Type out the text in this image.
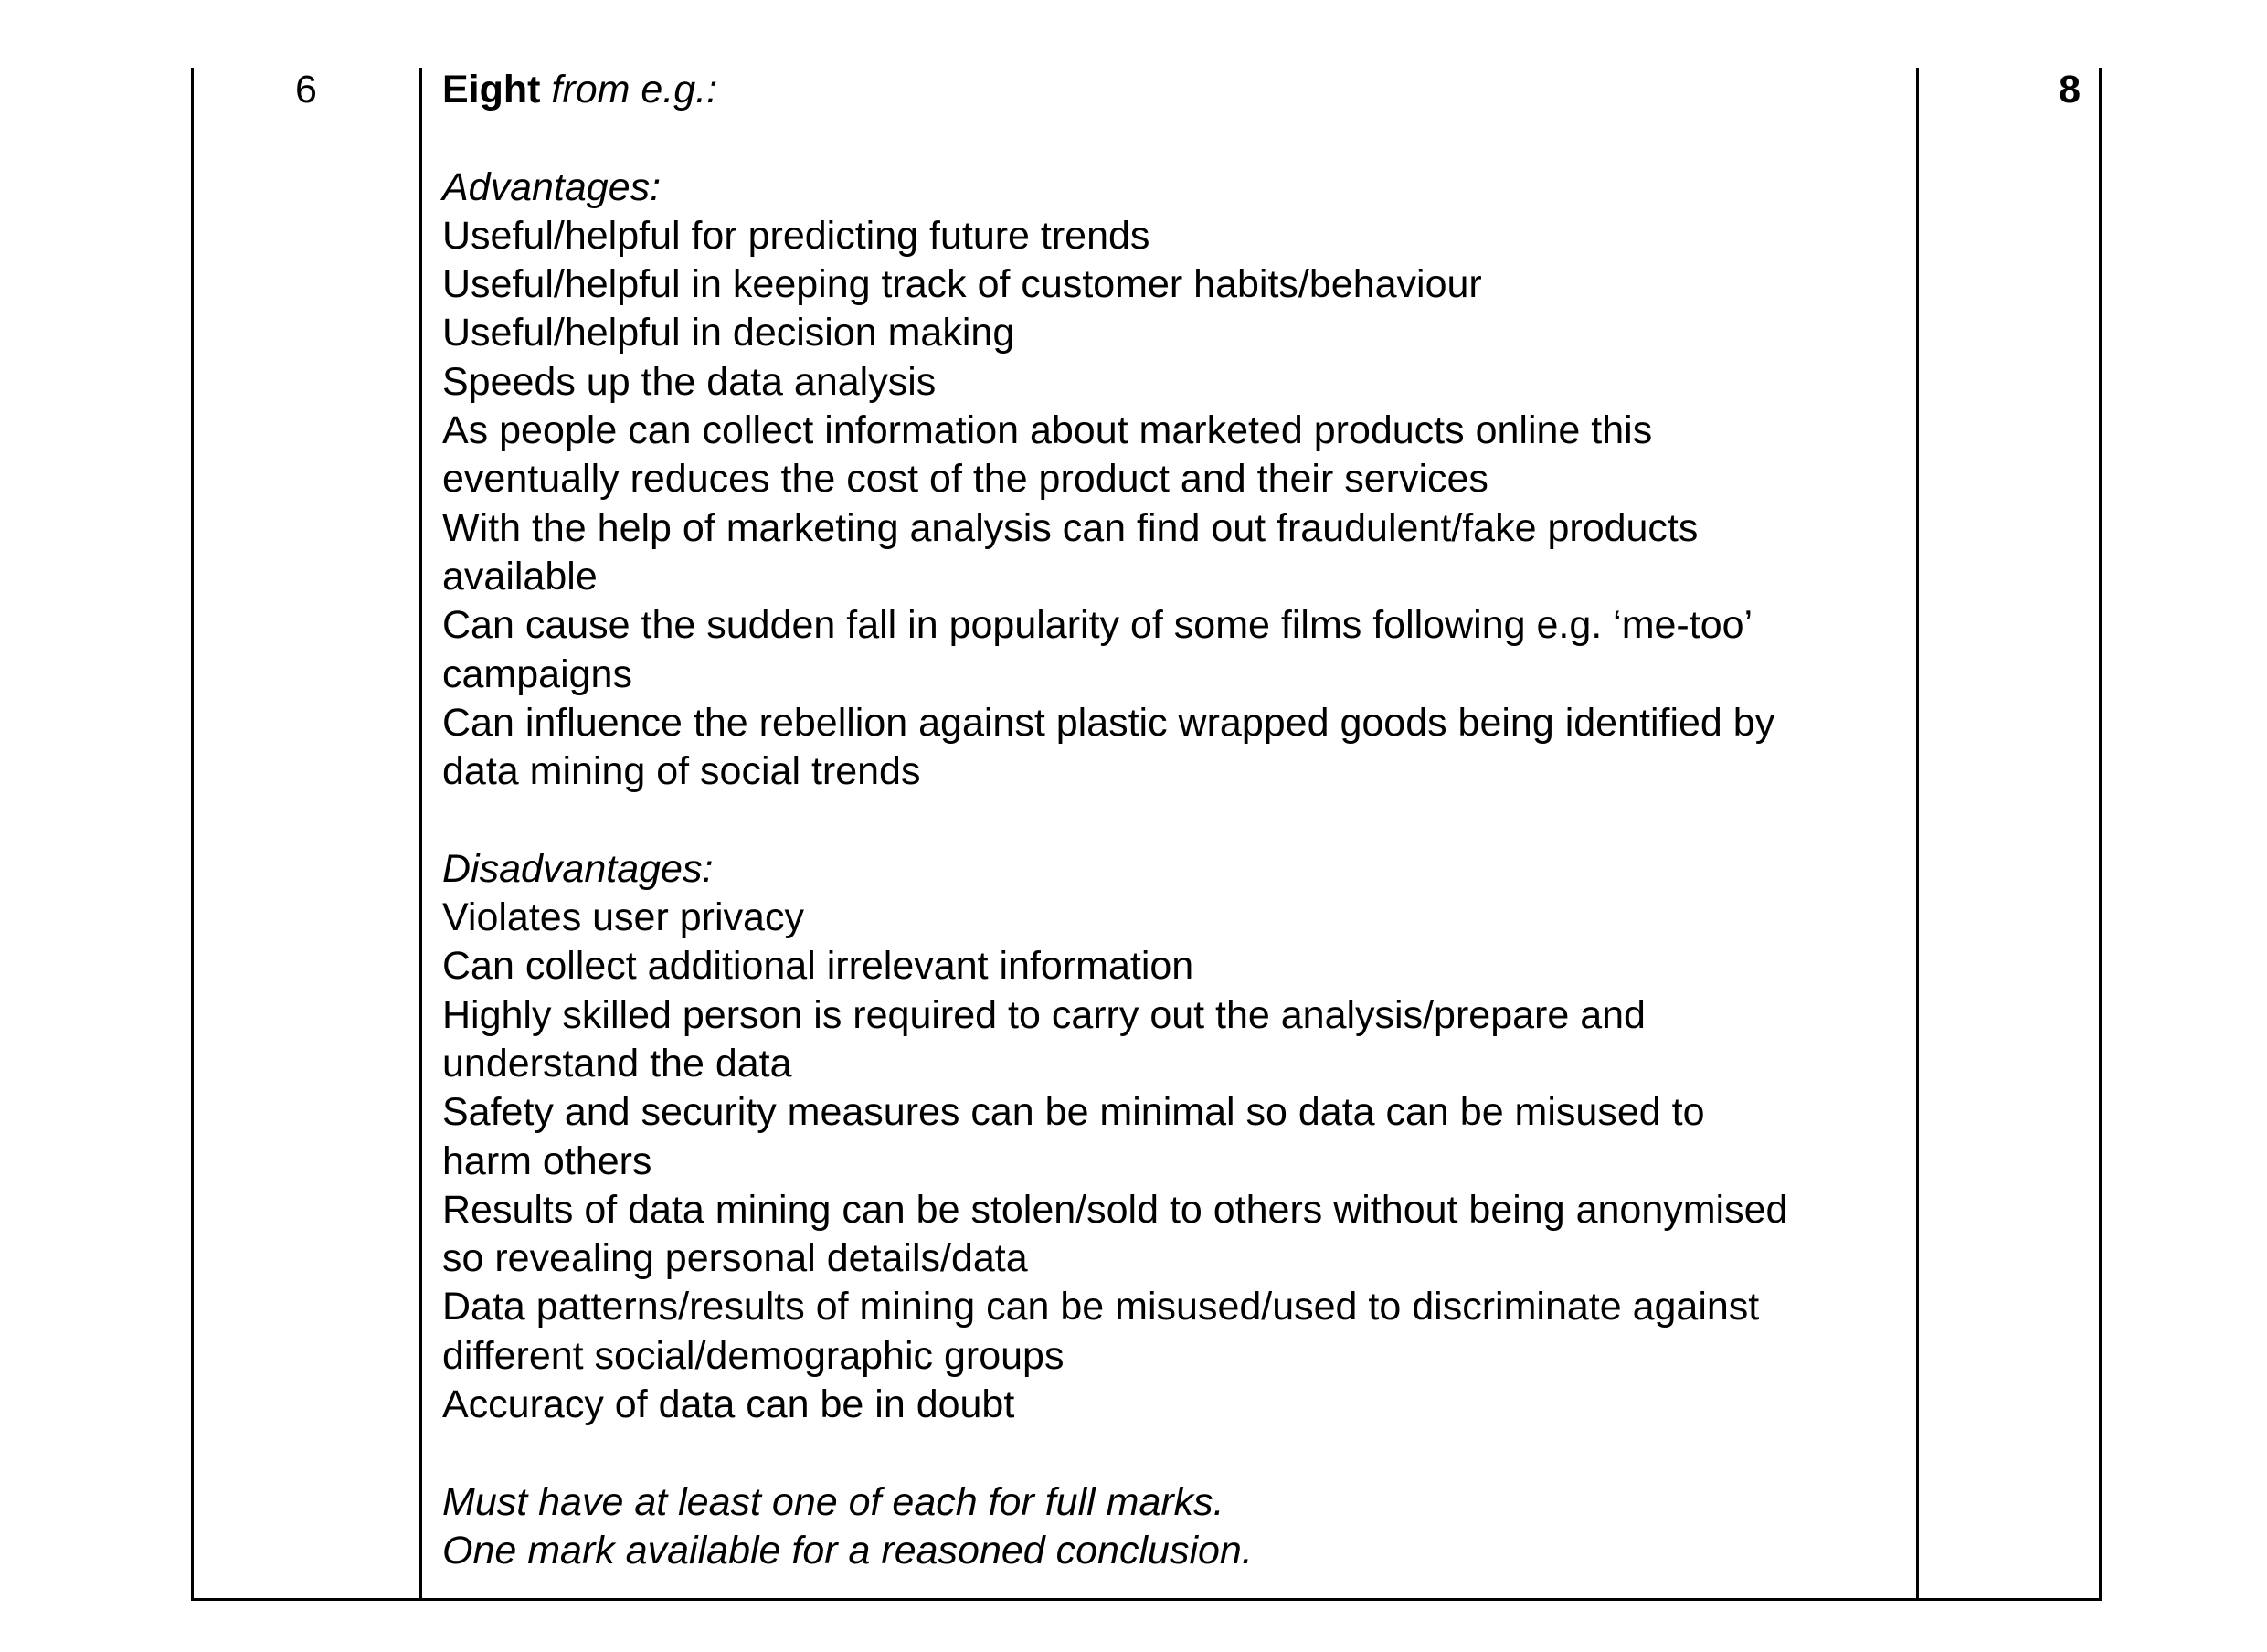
6	Eight from e.g.:
Advantages:
Useful/helpful for predicting future trends
Useful/helpful in keeping track of customer habits/behaviour
Useful/helpful in decision making
Speeds up the data analysis
As people can collect information about marketed products online this
eventually reduces the cost of the product and their services
With the help of marketing analysis can find out fraudulent/fake products
available
Can cause the sudden fall in popularity of some films following e.g. ‘me-too’
campaigns
Can influence the rebellion against plastic wrapped goods being identified by
data mining of social trends
Disadvantages:
Violates user privacy
Can collect additional irrelevant information
Highly skilled person is required to carry out the analysis/prepare and
understand the data
Safety and security measures can be minimal so data can be misused to
harm others
Results of data mining can be stolen/sold to others without being anonymised
so revealing personal details/data
Data patterns/results of mining can be misused/used to discriminate against
different social/demographic groups
Accuracy of data can be in doubt
Must have at least one of each for full marks.
One mark available for a reasoned conclusion.
8
